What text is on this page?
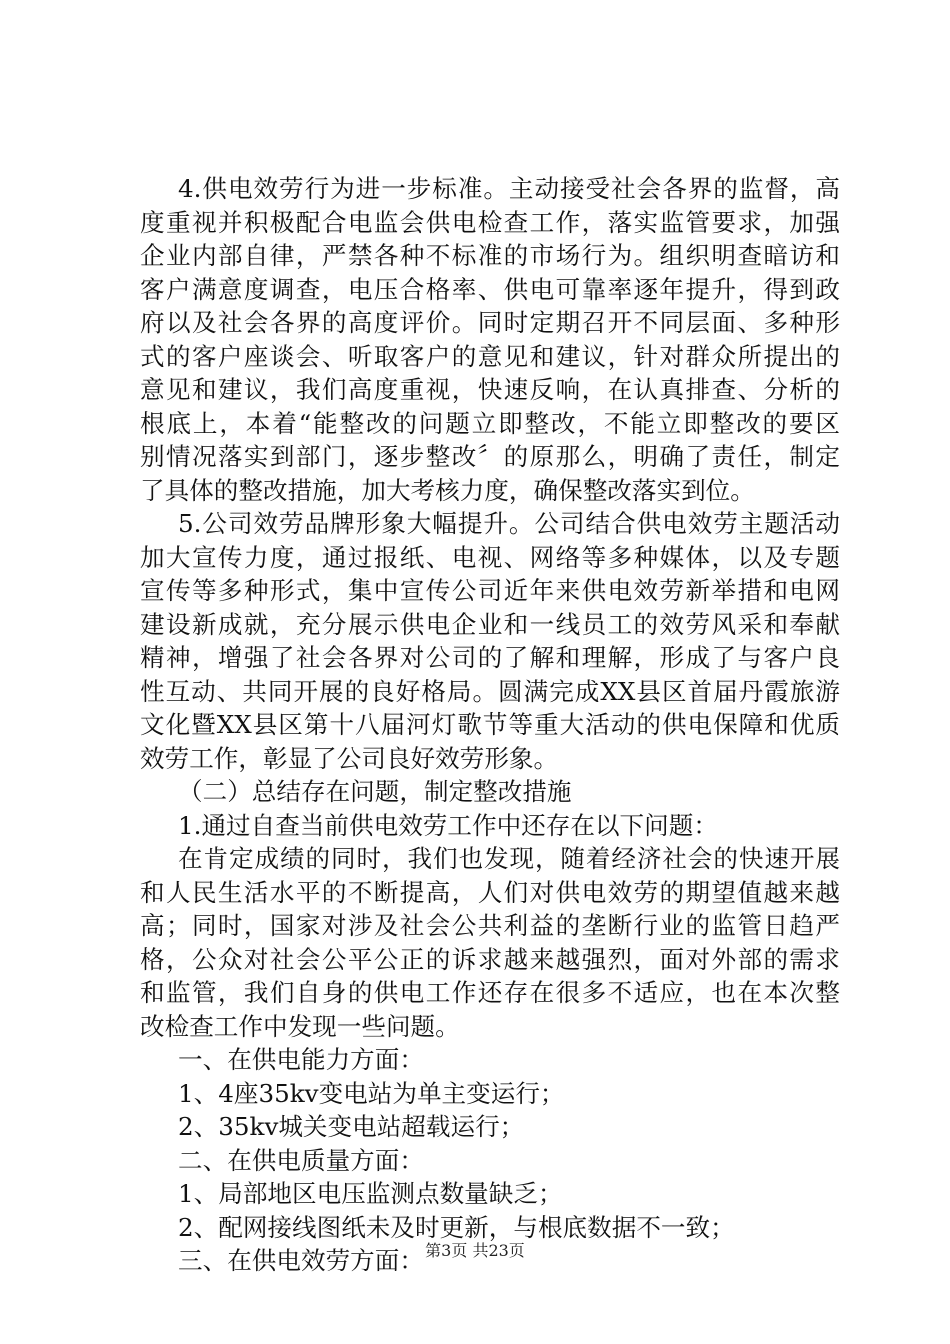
4.供电效劳行为进一步标准。主动接受社会各界的监督，高
度重视并积极配合电监会供电检查工作，落实监管要求，加强
企业内部自律，严禁各种不标准的市场行为。组织明查暗访和
客户满意度调查，电压合格率、供电可靠率逐年提升，得到政
府以及社会各界的高度评价。同时定期召开不同层面、多种形
式的客户座谈会、听取客户的意见和建议，针对群众所提出的
意见和建议，我们高度重视，快速反响，在认真排查、分析的
根底上，本着“能整改的问题立即整改，不能立即整改的要区
别情况落实到部门，逐步整改〞的原那么，明确了责任，制定
了具体的整改措施，加大考核力度，确保整改落实到位。
5.公司效劳品牌形象大幅提升。公司结合供电效劳主题活动
加大宣传力度，通过报纸、电视、网络等多种媒体，以及专题
宣传等多种形式，集中宣传公司近年来供电效劳新举措和电网
建设新成就，充分展示供电企业和一线员工的效劳风采和奉献
精神，增强了社会各界对公司的了解和理解，形成了与客户良
性互动、共同开展的良好格局。圆满完成XX县区首届丹霞旅游
文化暨XX县区第十八届河灯歌节等重大活动的供电保障和优质
效劳工作，彰显了公司良好效劳形象。
（二）总结存在问题，制定整改措施
1.通过自查当前供电效劳工作中还存在以下问题：
在肯定成绩的同时，我们也发现，随着经济社会的快速开展
和人民生活水平的不断提高，人们对供电效劳的期望值越来越
高；同时，国家对涉及社会公共利益的垄断行业的监管日趋严
格，公众对社会公平公正的诉求越来越强烈，面对外部的需求
和监管，我们自身的供电工作还存在很多不适应，也在本次整
改检查工作中发现一些问题。
一、在供电能力方面：
1、4座35kv变电站为单主变运行；
2、35kv城关变电站超载运行；
二、在供电质量方面：
1、局部地区电压监测点数量缺乏；
2、配网接线图纸未及时更新，与根底数据不一致；
三、在供电效劳方面： 第3页 共23页
